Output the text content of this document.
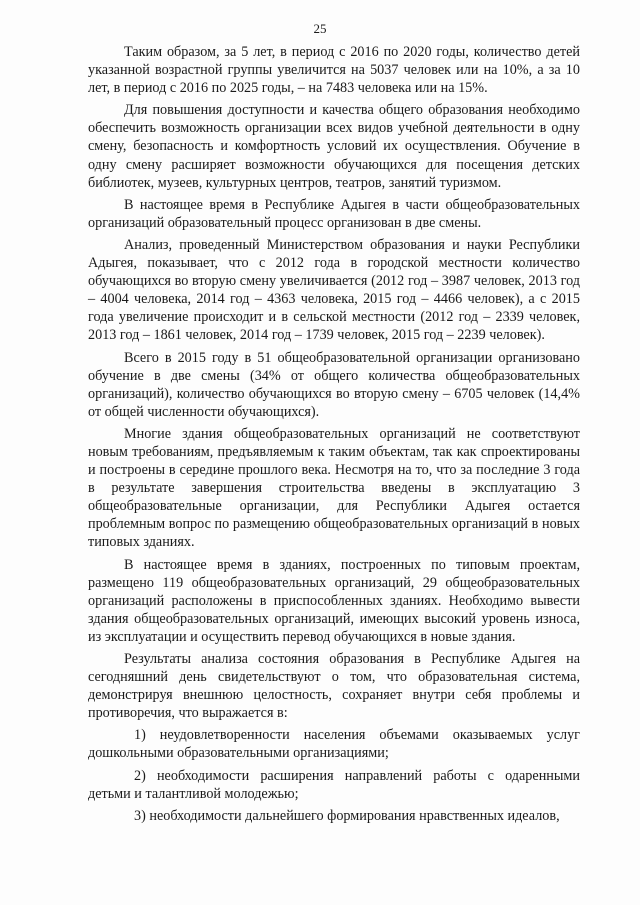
25

Таким образом, за 5 лет, в период с 2016 по 2020 годы, количество детей указанной возрастной группы увеличится на 5037 человек или на 10%, а за 10 лет, в период с 2016 по 2025 годы, – на 7483 человека или на 15%.

Для повышения доступности и качества общего образования необходимо обеспечить возможность организации всех видов учебной деятельности в одну смену, безопасность и комфортность условий их осуществления. Обучение в одну смену расширяет возможности обучающихся для посещения детских библиотек, музеев, культурных центров, театров, занятий туризмом.

В настоящее время в Республике Адыгея в части общеобразовательных организаций образовательный процесс организован в две смены.

Анализ, проведенный Министерством образования и науки Республики Адыгея, показывает, что с 2012 года в городской местности количество обучающихся во вторую смену увеличивается (2012 год – 3987 человек, 2013 год – 4004 человека, 2014 год – 4363 человека, 2015 год – 4466 человек), а с 2015 года увеличение происходит и в сельской местности (2012 год – 2339 человек, 2013 год – 1861 человек, 2014 год – 1739 человек, 2015 год – 2239 человек).

Всего в 2015 году в 51 общеобразовательной организации организовано обучение в две смены (34% от общего количества общеобразовательных организаций), количество обучающихся во вторую смену – 6705 человек (14,4% от общей численности обучающихся).

Многие здания общеобразовательных организаций не соответствуют новым требованиям, предъявляемым к таким объектам, так как спроектированы и построены в середине прошлого века. Несмотря на то, что за последние 3 года в результате завершения строительства введены в эксплуатацию 3 общеобразовательные организации, для Республики Адыгея остается проблемным вопрос по размещению общеобразовательных организаций в новых типовых зданиях.

В настоящее время в зданиях, построенных по типовым проектам, размещено 119 общеобразовательных организаций, 29 общеобразовательных организаций расположены в приспособленных зданиях. Необходимо вывести здания общеобразовательных организаций, имеющих высокий уровень износа, из эксплуатации и осуществить перевод обучающихся в новые здания.

Результаты анализа состояния образования в Республике Адыгея на сегодняшний день свидетельствуют о том, что образовательная система, демонстрируя внешнюю целостность, сохраняет внутри себя проблемы и противоречия, что выражается в:

1) неудовлетворенности населения объемами оказываемых услуг дошкольными образовательными организациями;

2) необходимости расширения направлений работы с одаренными детьми и талантливой молодежью;

3) необходимости дальнейшего формирования нравственных идеалов,
